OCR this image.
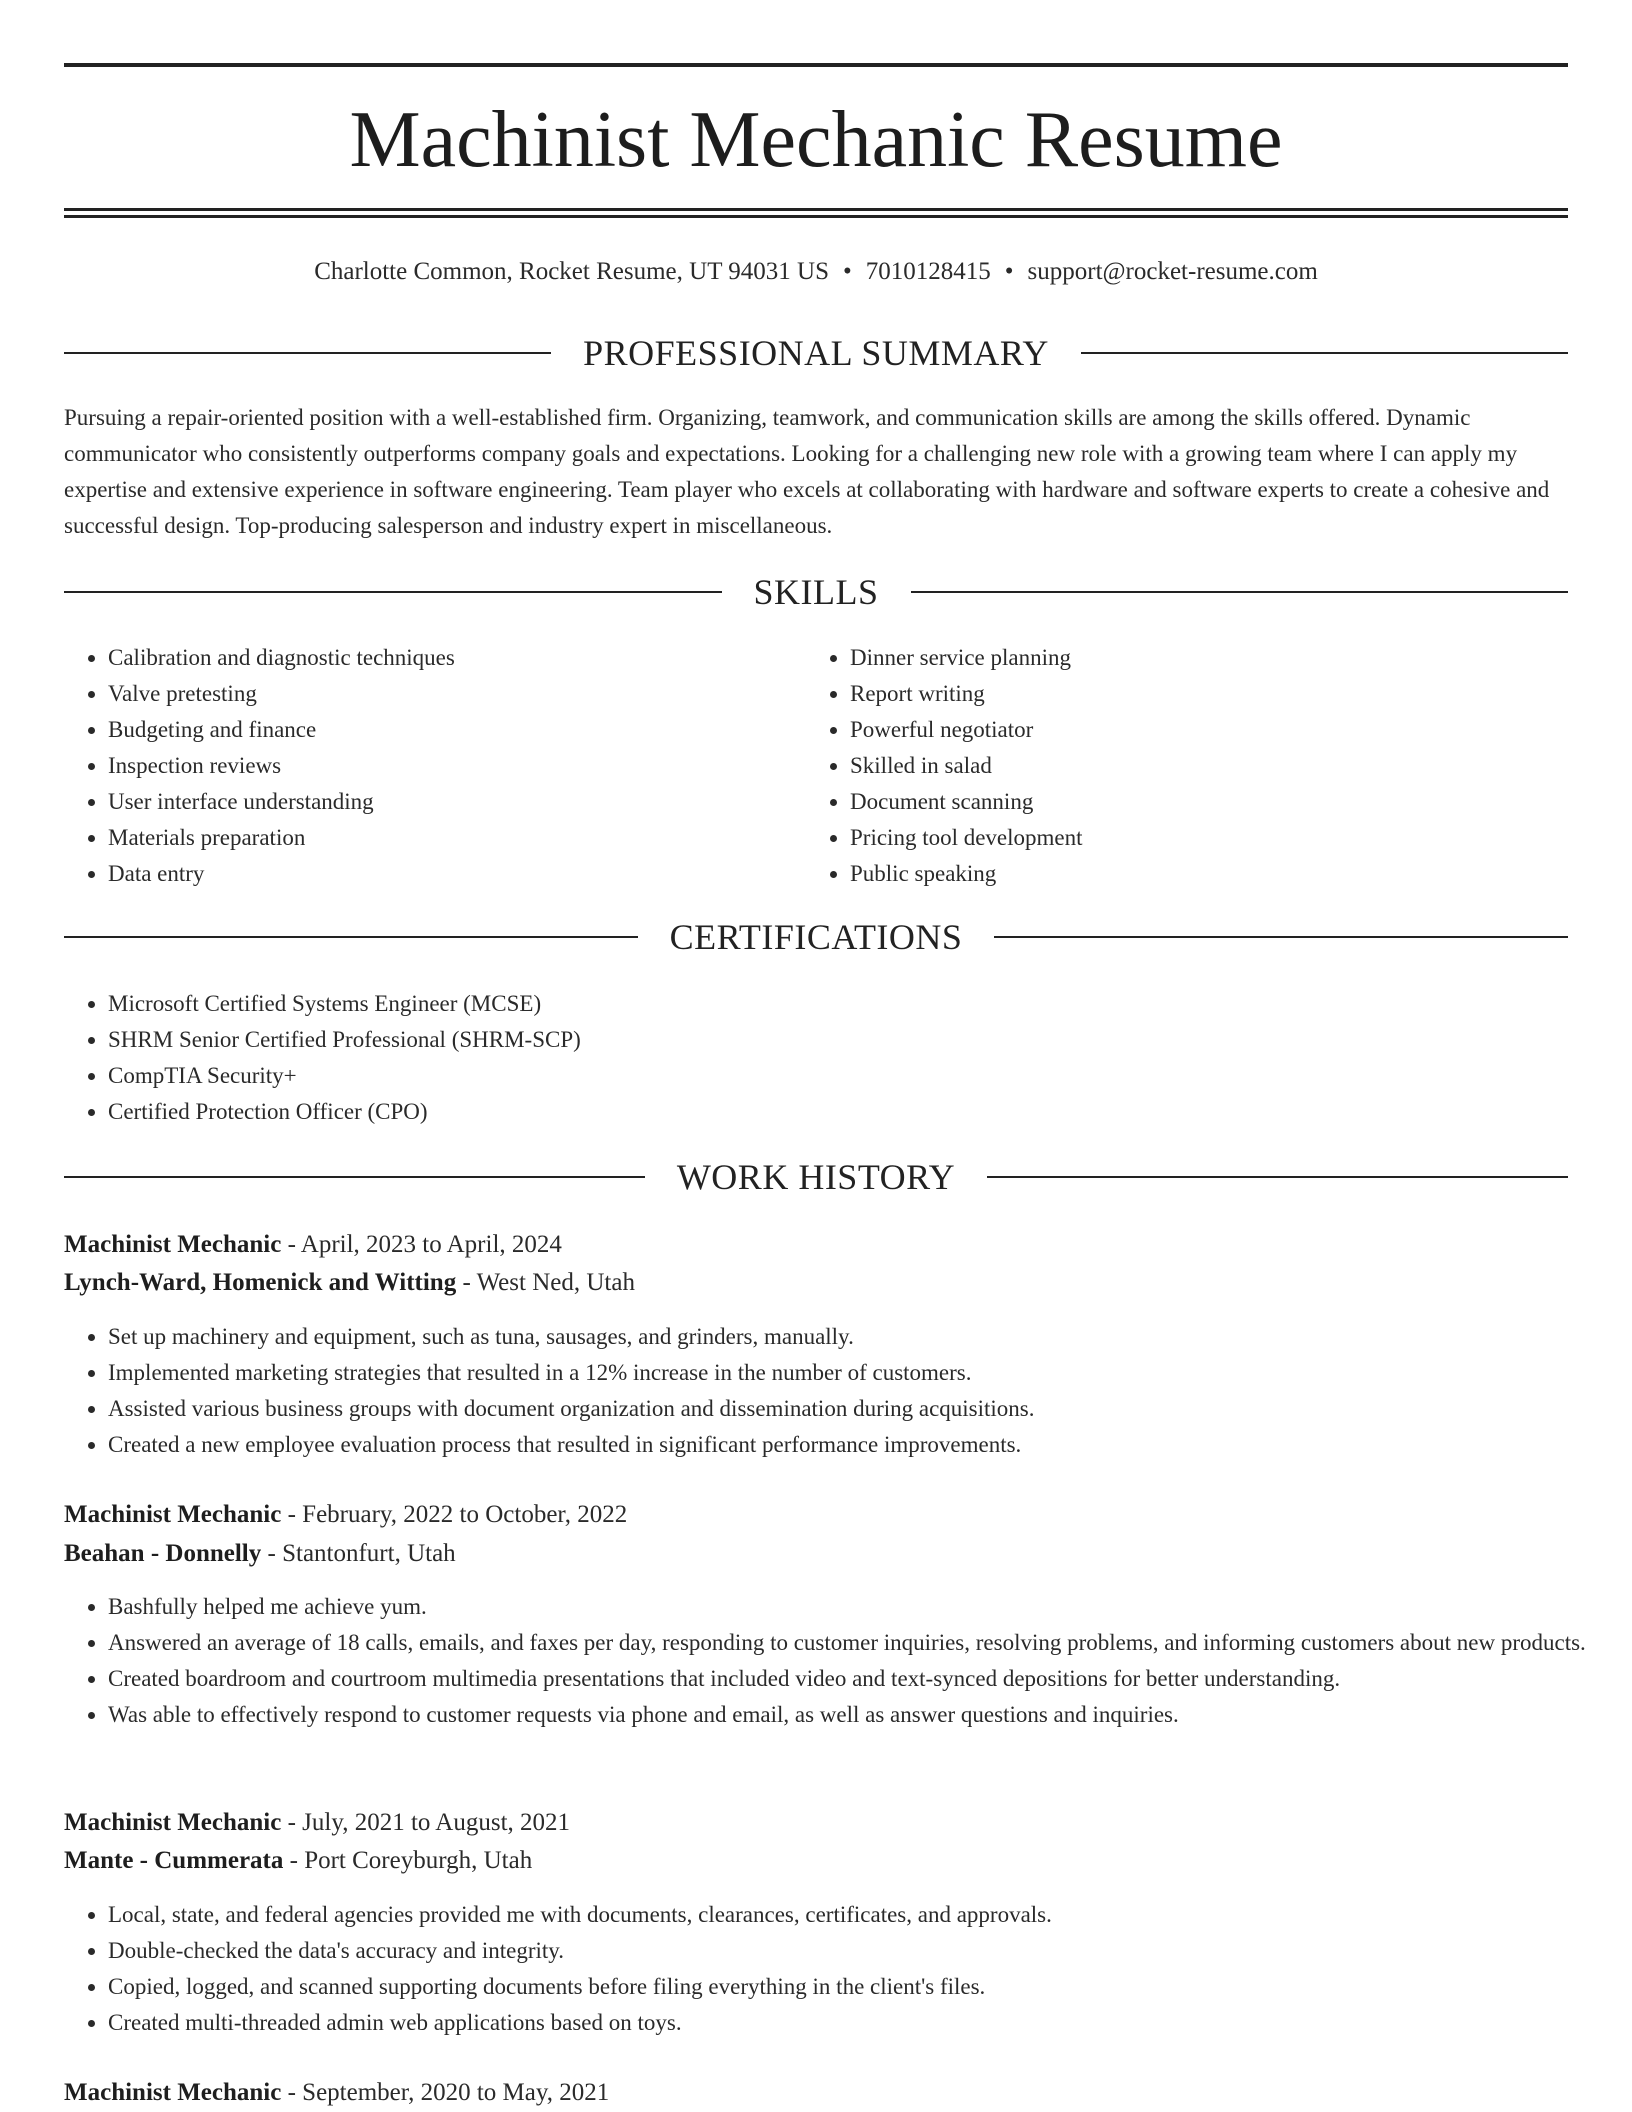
Machinist Mechanic Resume
Charlotte Common, Rocket Resume, UT 94031 US • 7010128415 • support@rocket-resume.com
PROFESSIONAL SUMMARY

Pursuing a repair-oriented position with a well-established firm. Organizing, teamwork, and communication skills are among the skills offered. Dynamic communicator who consistently outperforms company goals and expectations. Looking for a challenging new role with a growing team where I can apply my expertise and extensive experience in software engineering. Team player who excels at collaborating with hardware and software experts to create a cohesive and successful design. Top-producing salesperson and industry expert in miscellaneous.

SKILLS
• Calibration and diagnostic techniques
• Valve pretesting
• Budgeting and finance
• Inspection reviews
• User interface understanding
• Materials preparation
• Data entry
• Dinner service planning
• Report writing
• Powerful negotiator
• Skilled in salad
• Document scanning
• Pricing tool development
• Public speaking
CERTIFICATIONS
• Microsoft Certified Systems Engineer (MCSE)
• SHRM Senior Certified Professional (SHRM-SCP)
• CompTIA Security+
• Certified Protection Officer (CPO)
WORK HISTORY
Machinist Mechanic - April, 2023 to April, 2024
Lynch-Ward, Homenick and Witting - West Ned, Utah
• Set up machinery and equipment, such as tuna, sausages, and grinders, manually.
• Implemented marketing strategies that resulted in a 12% increase in the number of customers.
• Assisted various business groups with document organization and dissemination during acquisitions.
• Created a new employee evaluation process that resulted in significant performance improvements.
Machinist Mechanic - February, 2022 to October, 2022
Beahan - Donnelly - Stantonfurt, Utah
• Bashfully helped me achieve yum.
• Answered an average of 18 calls, emails, and faxes per day, responding to customer inquiries, resolving problems, and informing customers about new products.
• Created boardroom and courtroom multimedia presentations that included video and text-synced depositions for better understanding.
• Was able to effectively respond to customer requests via phone and email, as well as answer questions and inquiries.
Machinist Mechanic - July, 2021 to August, 2021
Mante - Cummerata - Port Coreyburgh, Utah
• Local, state, and federal agencies provided me with documents, clearances, certificates, and approvals.
• Double-checked the data's accuracy and integrity.
• Copied, logged, and scanned supporting documents before filing everything in the client's files.
• Created multi-threaded admin web applications based on toys.
Machinist Mechanic - September, 2020 to May, 2021
